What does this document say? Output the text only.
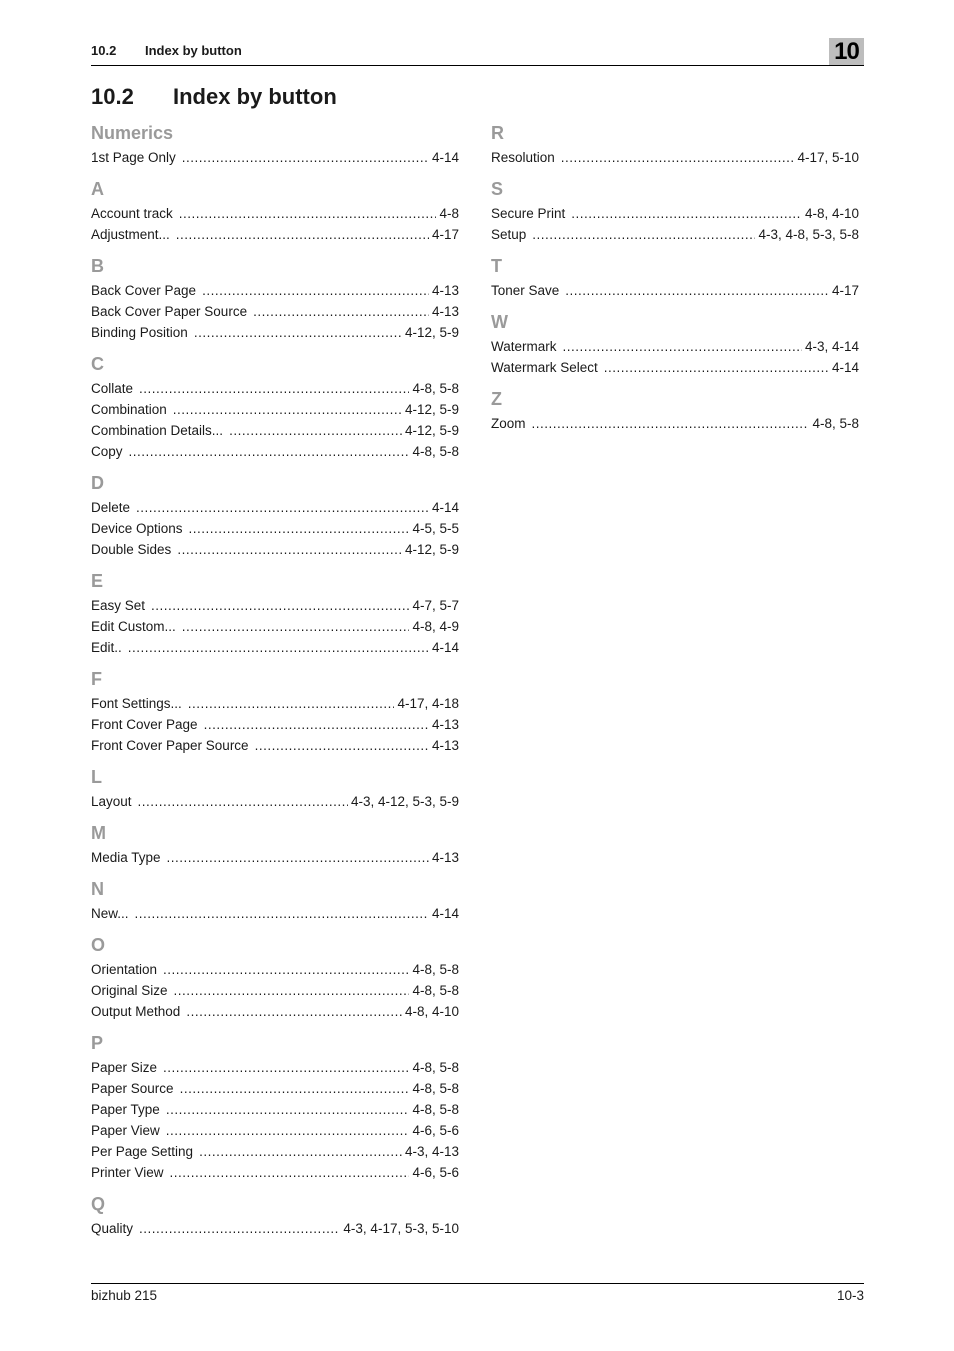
10.2 Index by button	10
10.2 Index by button
Numerics
1st Page Only .....	4-14
A
Account track .....	4-8
Adjustment... .....	4-17
B
Back Cover Page .....	4-13
Back Cover Paper Source .....	4-13
Binding Position .....	4-12, 5-9
C
Collate .....	4-8, 5-8
Combination .....	4-12, 5-9
Combination Details... .....	4-12, 5-9
Copy .....	4-8, 5-8
D
Delete .....	4-14
Device Options .....	4-5, 5-5
Double Sides .....	4-12, 5-9
E
Easy Set .....	4-7, 5-7
Edit Custom... .....	4-8, 4-9
Edit.. .....	4-14
F
Font Settings... .....	4-17, 4-18
Front Cover Page .....	4-13
Front Cover Paper Source .....	4-13
L
Layout .....	4-3, 4-12, 5-3, 5-9
M
Media Type .....	4-13
N
New... .....	4-14
O
Orientation .....	4-8, 5-8
Original Size .....	4-8, 5-8
Output Method .....	4-8, 4-10
P
Paper Size .....	4-8, 5-8
Paper Source .....	4-8, 5-8
Paper Type .....	4-8, 5-8
Paper View .....	4-6, 5-6
Per Page Setting .....	4-3, 4-13
Printer View .....	4-6, 5-6
Q
Quality .....	4-3, 4-17, 5-3, 5-10
R
Resolution .....	4-17, 5-10
S
Secure Print .....	4-8, 4-10
Setup .....	4-3, 4-8, 5-3, 5-8
T
Toner Save .....	4-17
W
Watermark .....	4-3, 4-14
Watermark Select .....	4-14
Z
Zoom .....	4-8, 5-8
bizhub 215	10-3
